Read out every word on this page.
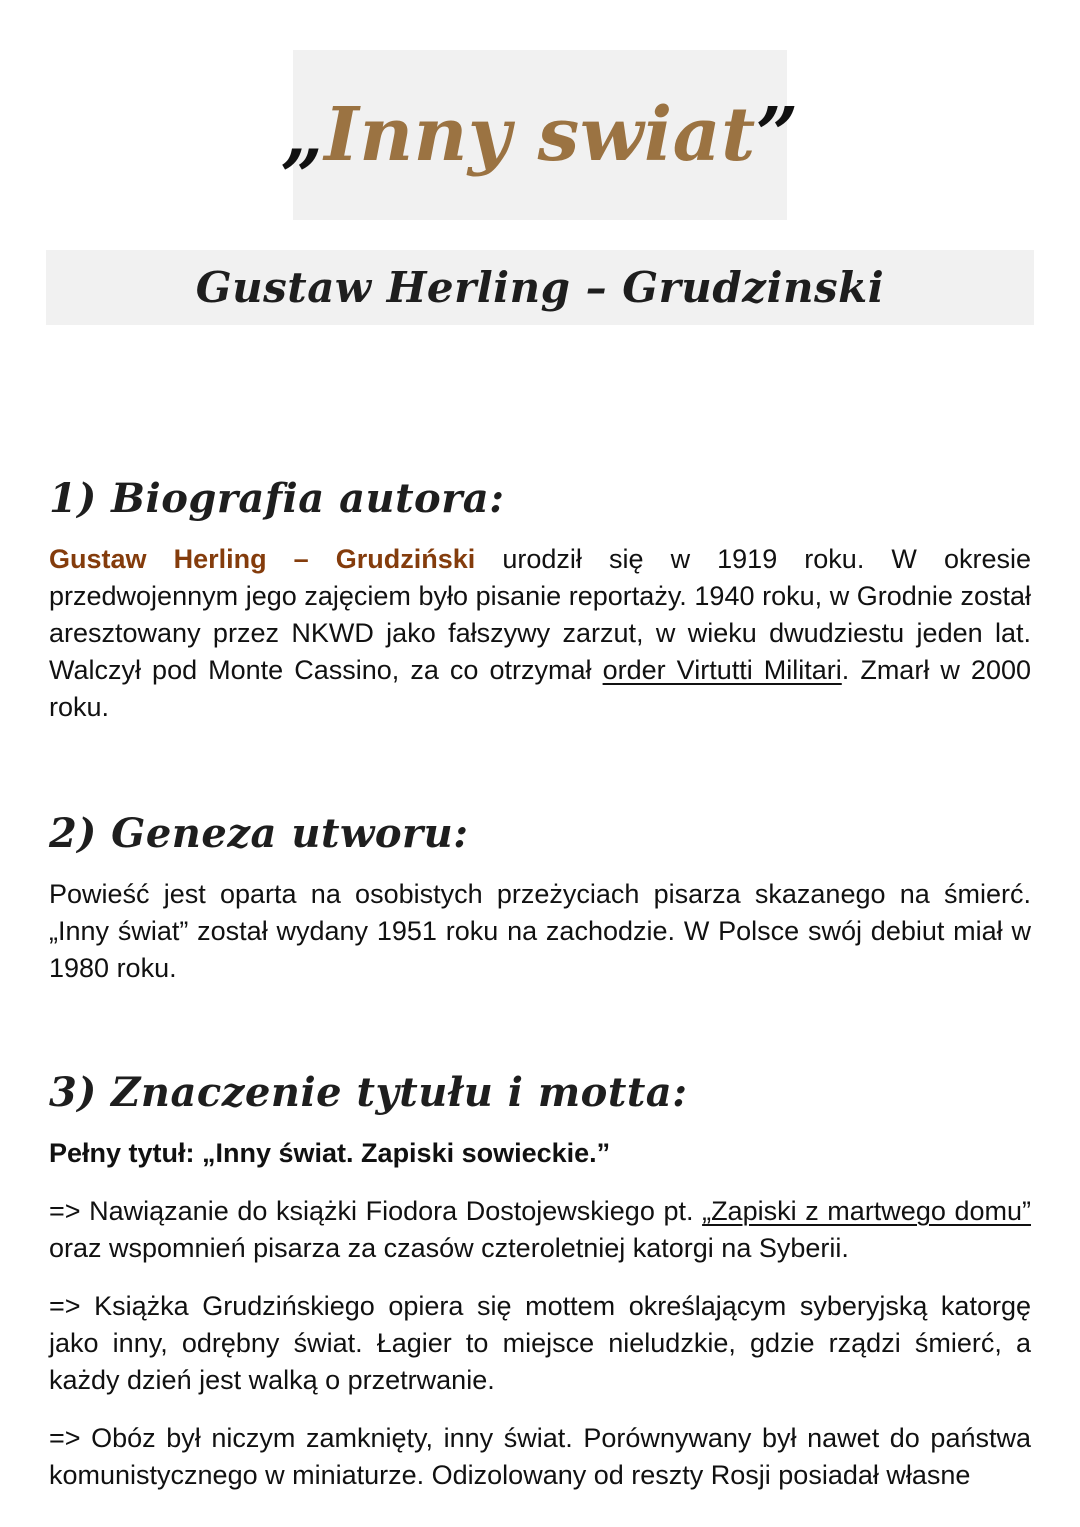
„ Inny swiat ”
Gustaw Herling – Grudzinski
1) Biografia autora:

Gustaw Herling – Grudziński urodził się w 1919 roku. W okresie przedwojennym jego zajęciem było pisanie reportaży. 1940 roku, w Grodnie został aresztowany przez NKWD jako fałszywy zarzut, w wieku dwudziestu jeden lat. Walczył pod Monte Cassino, za co otrzymał order Virtutti Militari. Zmarł w 2000 roku.

2) Geneza utworu:

Powieść jest oparta na osobistych przeżyciach pisarza skazanego na śmierć. „Inny świat” został wydany 1951 roku na zachodzie. W Polsce swój debiut miał w 1980 roku.

3) Znaczenie tytułu i motta:

Pełny tytuł: „Inny świat. Zapiski sowieckie.”

=> Nawiązanie do książki Fiodora Dostojewskiego pt. „Zapiski z martwego domu” oraz wspomnień pisarza za czasów czteroletniej katorgi na Syberii.

=> Książka Grudzińskiego opiera się mottem określającym syberyjską katorgę jako inny, odrębny świat. Łagier to miejsce nieludzkie, gdzie rządzi śmierć, a każdy dzień jest walką o przetrwanie.

=> Obóz był niczym zamknięty, inny świat. Porównywany był nawet do państwa komunistycznego w miniaturze. Odizolowany od reszty Rosji posiadał własne
